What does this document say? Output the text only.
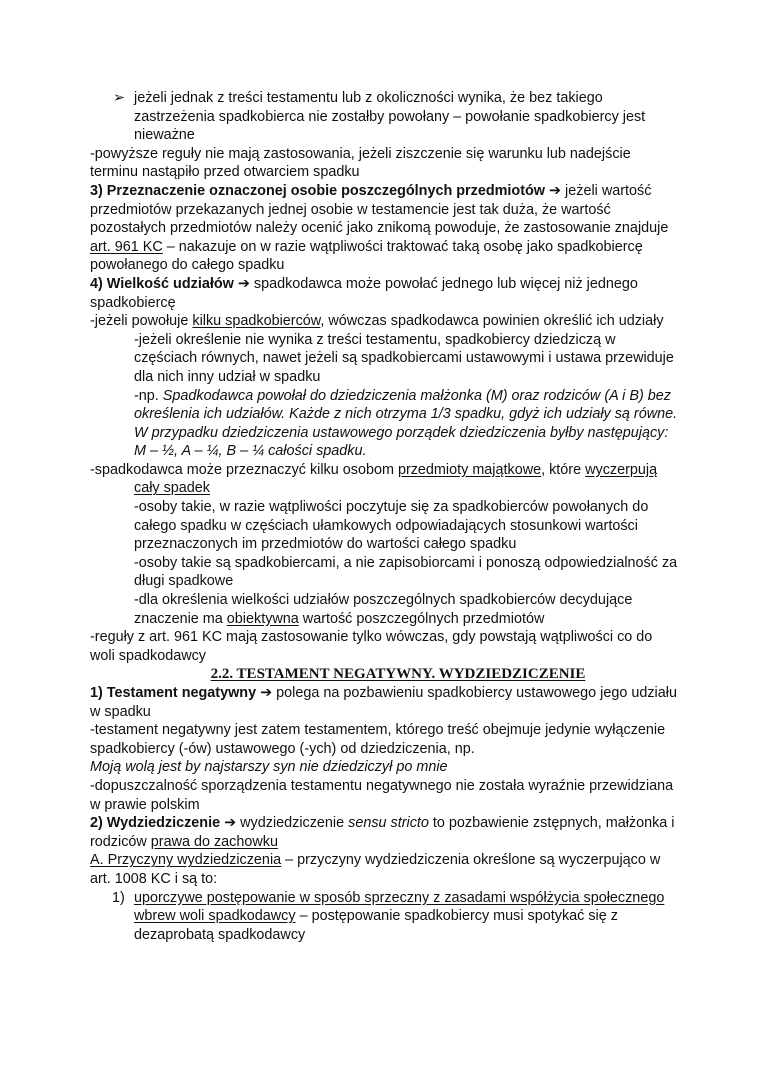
➢ jeżeli jednak z treści testamentu lub z okoliczności wynika, że bez takiego zastrzeżenia spadkobierca nie zostałby powołany – powołanie spadkobiercy jest nieważne

-powyższe reguły nie mają zastosowania, jeżeli ziszczenie się warunku lub nadejście terminu nastąpiło przed otwarciem spadku

3) Przeznaczenie oznaczonej osobie poszczególnych przedmiotów ➔ jeżeli wartość przedmiotów przekazanych jednej osobie w testamencie jest tak duża, że wartość pozostałych przedmiotów należy ocenić jako znikomą powoduje, że zastosowanie znajduje art. 961 KC – nakazuje on w razie wątpliwości traktować taką osobę jako spadkobiercę powołanego do całego spadku

4) Wielkość udziałów ➔ spadkodawca może powołać jednego lub więcej niż jednego spadkobiercę

-jeżeli powołuje kilku spadkobierców, wówczas spadkodawca powinien określić ich udziały

-jeżeli określenie nie wynika z treści testamentu, spadkobiercy dziedziczą w częściach równych, nawet jeżeli są spadkobiercami ustawowymi i ustawa przewiduje dla nich inny udział w spadku

-np. Spadkodawca powołał do dziedziczenia małżonka (M) oraz rodziców (A i B) bez określenia ich udziałów. Każde z nich otrzyma 1/3 spadku, gdyż ich udziały są równe. W przypadku dziedziczenia ustawowego porządek dziedziczenia byłby następujący: M – ½, A – ¼, B – ¼ całości spadku.

-spadkodawca może przeznaczyć kilku osobom przedmioty majątkowe, które wyczerpują cały spadek

-osoby takie, w razie wątpliwości poczytuje się za spadkobierców powołanych do całego spadku w częściach ułamkowych odpowiadających stosunkowi wartości przeznaczonych im przedmiotów do wartości całego spadku

-osoby takie są spadkobiercami, a nie zapisobiorcami i ponoszą odpowiedzialność za długi spadkowe

-dla określenia wielkości udziałów poszczególnych spadkobierców decydujące znaczenie ma obiektywna wartość poszczególnych przedmiotów

-reguły z art. 961 KC mają zastosowanie tylko wówczas, gdy powstają wątpliwości co do woli spadkodawcy

2.2. TESTAMENT NEGATYWNY. WYDZIEDZICZENIE

1) Testament negatywny ➔ polega na pozbawieniu spadkobiercy ustawowego jego udziału w spadku

-testament negatywny jest zatem testamentem, którego treść obejmuje jedynie wyłączenie spadkobiercy (-ów) ustawowego (-ych) od dziedziczenia, np.

Moją wolą jest by najstarszy syn nie dziedziczył po mnie

-dopuszczalność sporządzenia testamentu negatywnego nie została wyraźnie przewidziana w prawie polskim

2) Wydziedziczenie ➔ wydziedziczenie sensu stricto to pozbawienie zstępnych, małżonka i rodziców prawa do zachowku

A. Przyczyny wydziedziczenia – przyczyny wydziedziczenia określone są wyczerpująco w art. 1008 KC i są to:

1) uporczywe postępowanie w sposób sprzeczny z zasadami współżycia społecznego wbrew woli spadkodawcy – postępowanie spadkobiercy musi spotykać się z dezaprobatą spadkodawcy
